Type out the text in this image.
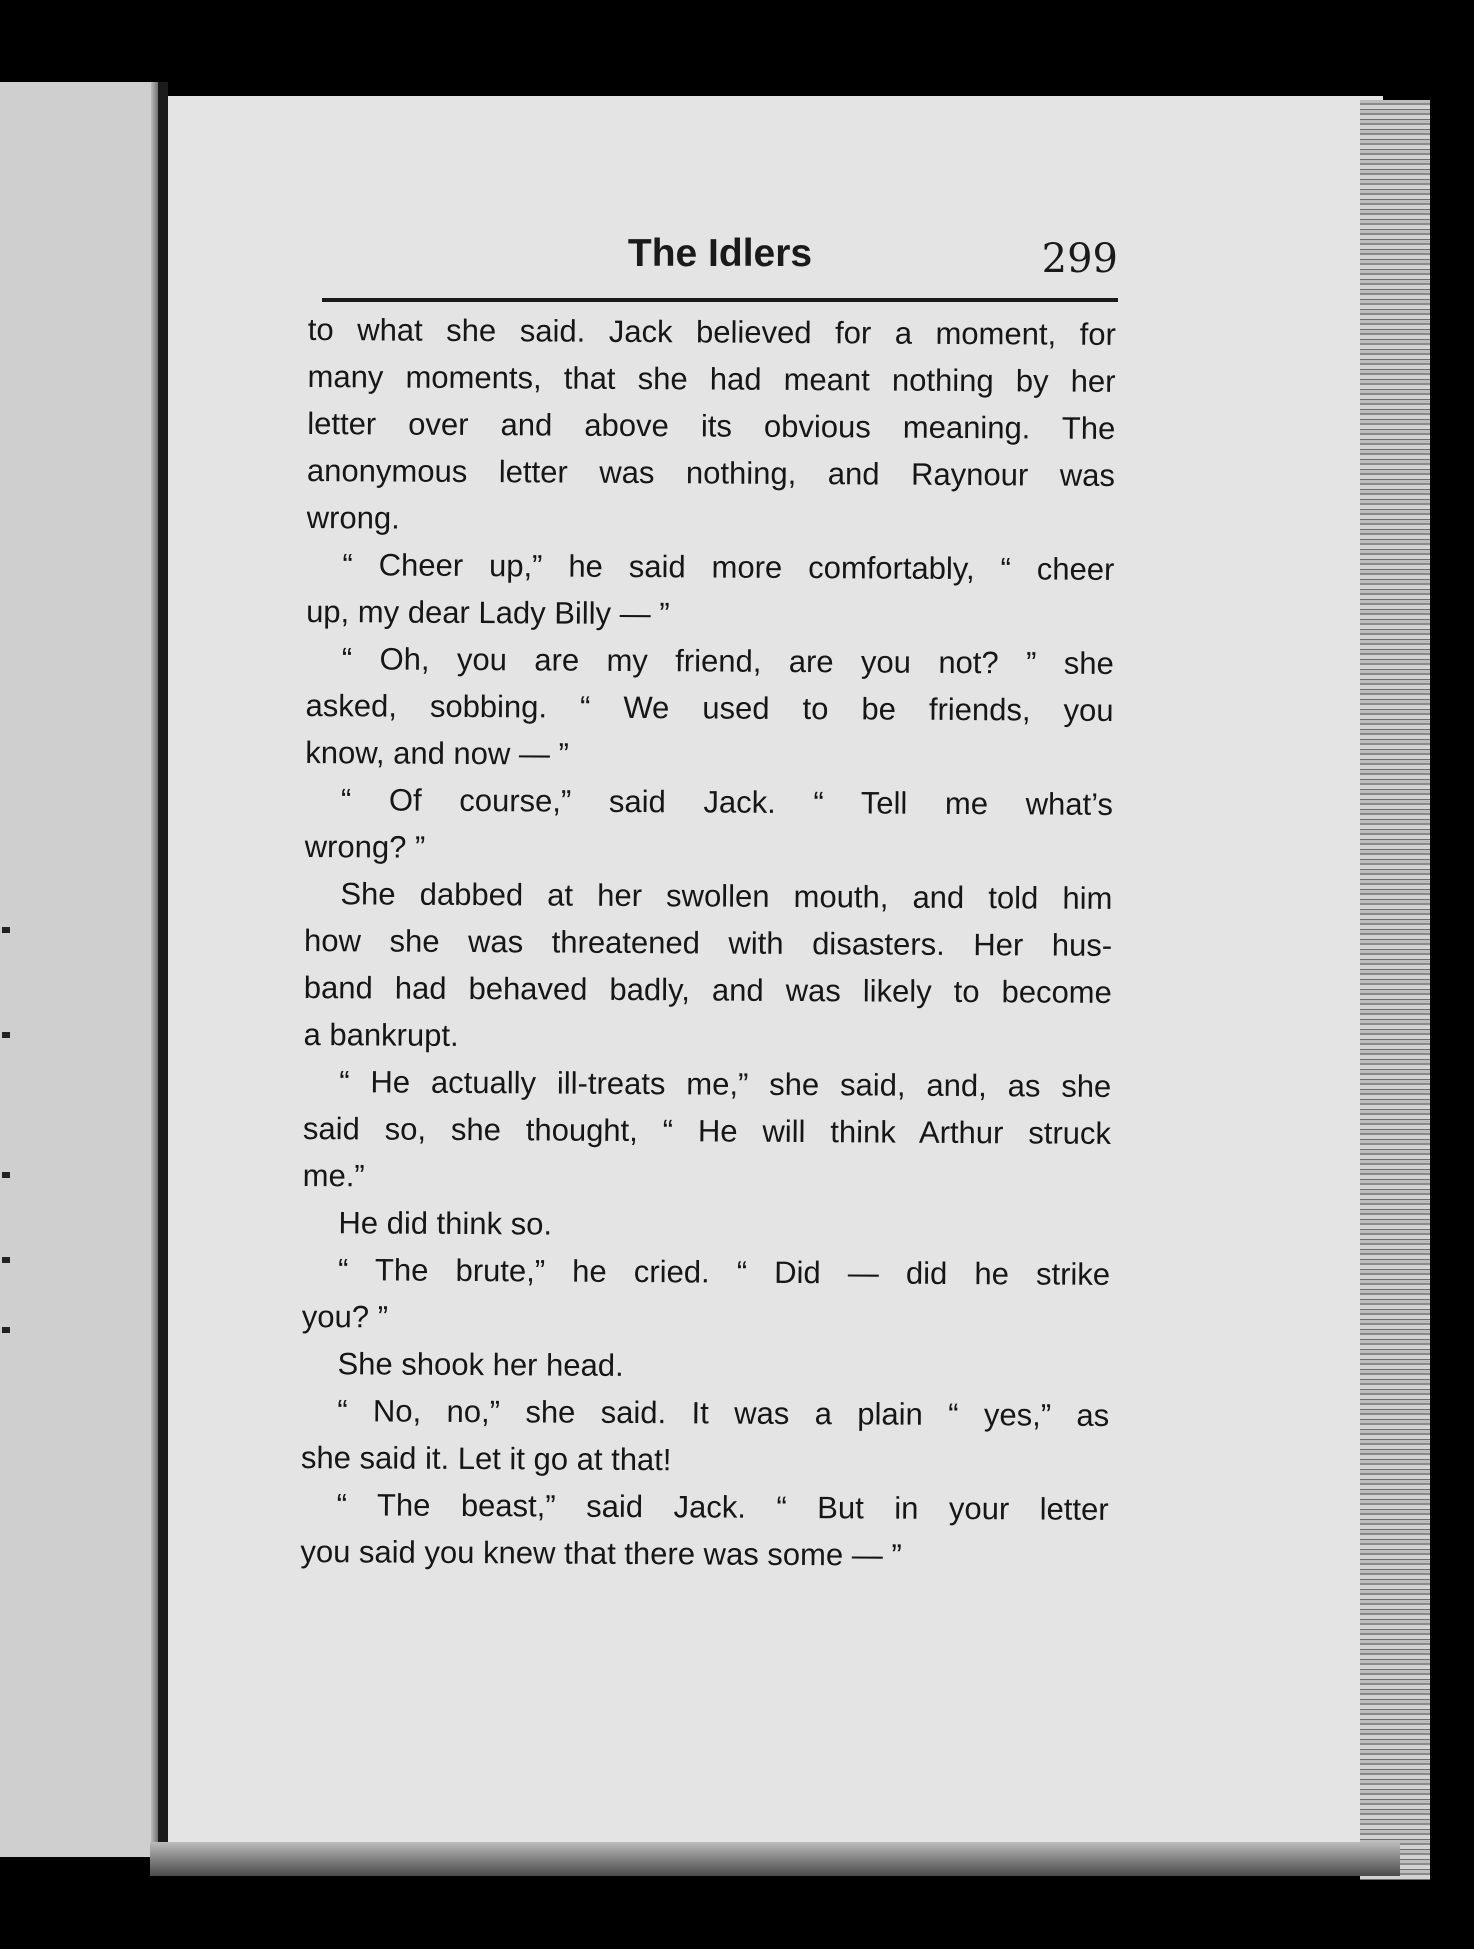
The Idlers	299
to what she said. Jack believed for a moment, for
many moments, that she had meant nothing by her
letter over and above its obvious meaning. The
anonymous letter was nothing, and Raynour was
wrong.
“ Cheer up,” he said more comfortably, “ cheer
up, my dear Lady Billy — ”
“ Oh, you are my friend, are you not? ” she
asked, sobbing. “ We used to be friends, you
know, and now — ”
“ Of course,” said Jack. “ Tell me what’s
wrong? ”
She dabbed at her swollen mouth, and told him
how she was threatened with disasters. Her hus-
band had behaved badly, and was likely to become
a bankrupt.
“ He actually ill-treats me,” she said, and, as she
said so, she thought, “ He will think Arthur struck
me.”
He did think so.
“ The brute,” he cried. “ Did — did he strike
you? ”
She shook her head.
“ No, no,” she said. It was a plain “ yes,” as
she said it. Let it go at that!
“ The beast,” said Jack. “ But in your letter
you said you knew that there was some — ”
